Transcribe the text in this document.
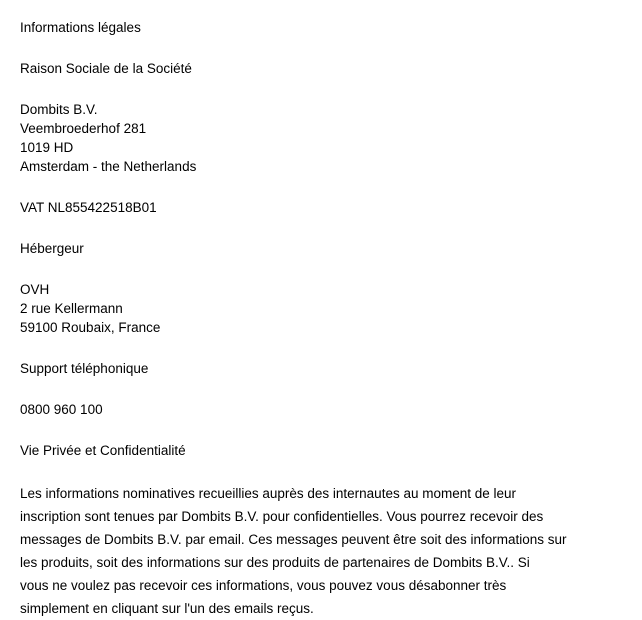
Informations légales
Raison Sociale de la Société
Dombits B.V.
Veembroederhof 281
1019 HD
Amsterdam - the Netherlands
VAT NL855422518B01
Hébergeur
OVH
2 rue Kellermann
59100 Roubaix, France
Support téléphonique
0800 960 100
Vie Privée et Confidentialité
Les informations nominatives recueillies auprès des internautes au moment de leur
inscription sont tenues par Dombits B.V. pour confidentielles. Vous pourrez recevoir des
messages de Dombits B.V. par email. Ces messages peuvent être soit des informations sur
les produits, soit des informations sur des produits de partenaires de Dombits B.V.. Si
vous ne voulez pas recevoir ces informations, vous pouvez vous désabonner très
simplement en cliquant sur l'un des emails reçus.
